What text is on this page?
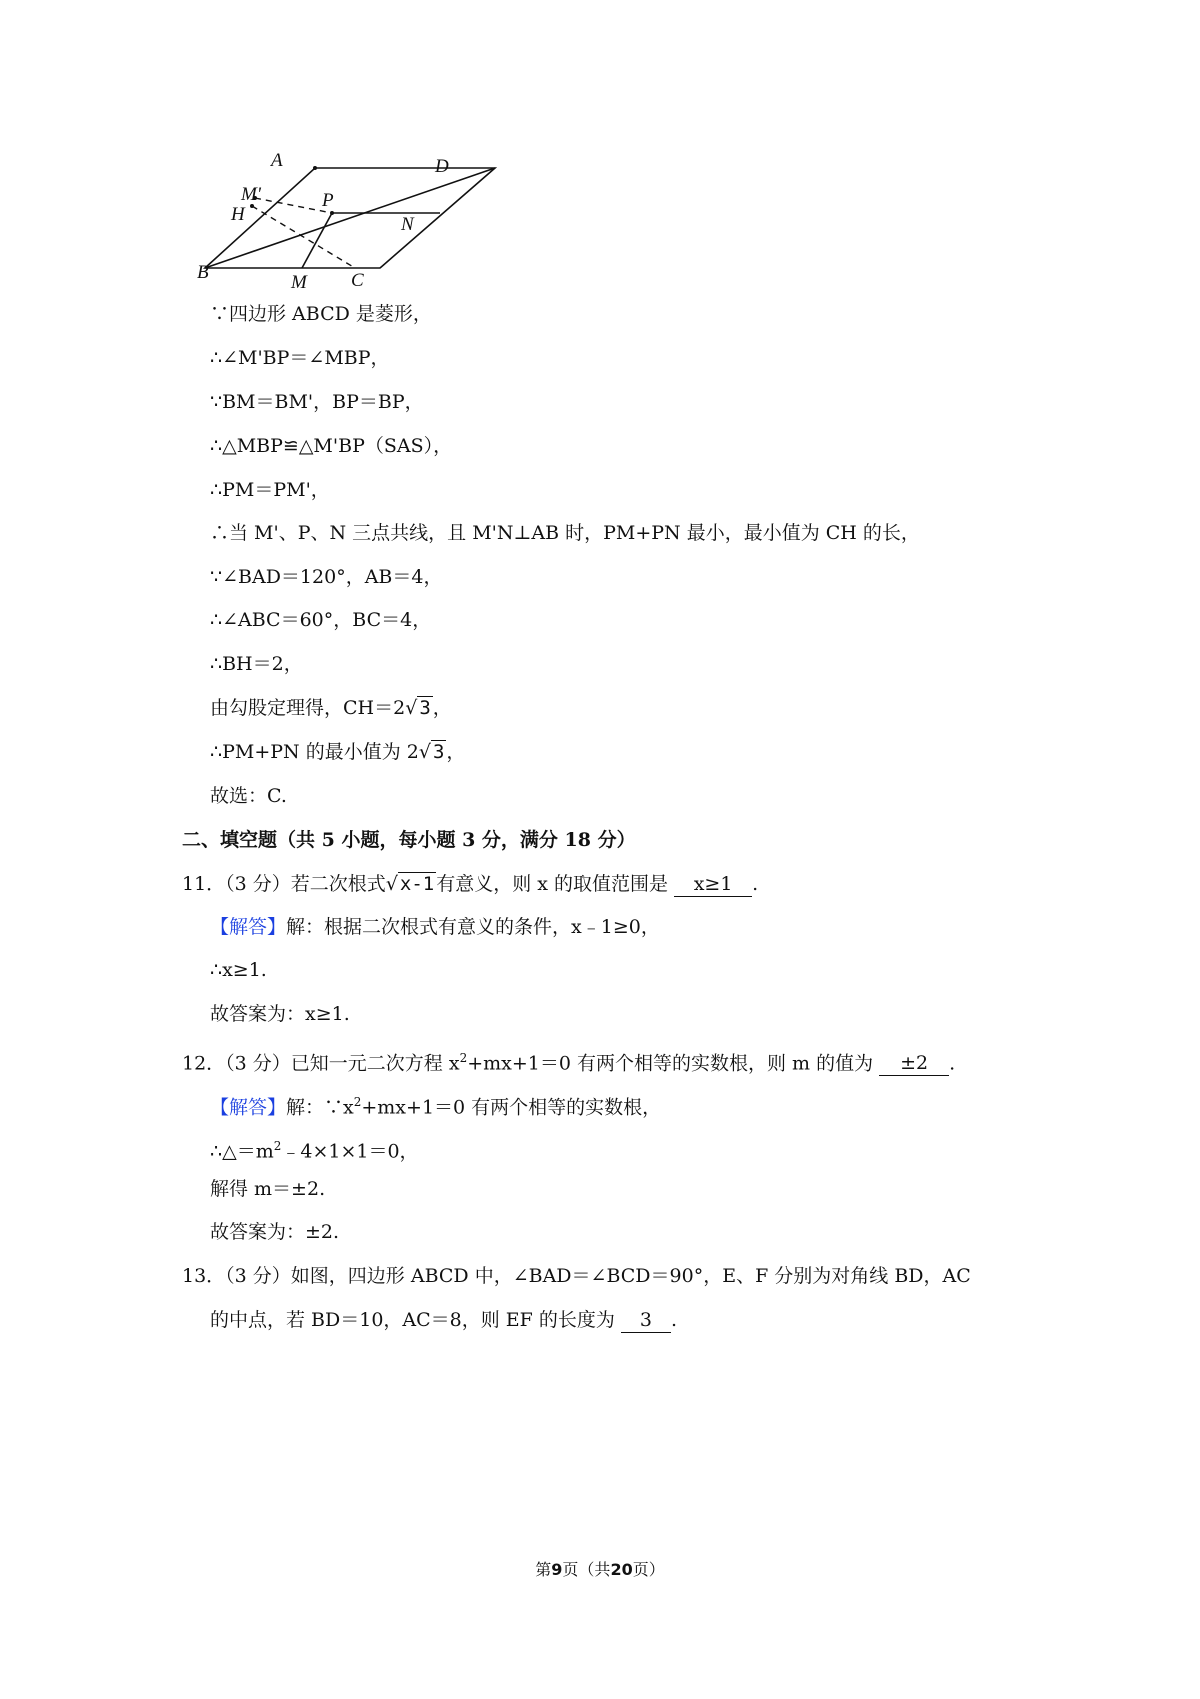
A	D
M'
H
P
N
B	M C
∵四边形 ABCD 是菱形，
∴∠M'BP＝∠MBP，
∵BM＝BM'，BP＝BP，
∴△MBP≌△M'BP（SAS），
∴PM＝PM'，
∴当 M'、P、N 三点共线，且 M'N⊥AB 时，PM+PN 最小，最小值为 CH 的长，
∵∠BAD＝120°，AB＝4，
∴∠ABC＝60°，BC＝4，
∴BH＝2，
由勾股定理得，CH＝2√ 3 ，
∴PM+PN 的最小值为 2√ 3 ，
故选：C.
二、填空题（共 5 小题，每小题 3 分，满分 18 分）
11．（3 分）若二次根式√ x-1 有意义，则 x 的取值范围是 x≥1 .
【解答】解：根据二次根式有意义的条件，x﹣1≥0，
∴x≥1.
故答案为：x≥1.
12．（3 分）已知一元二次方程 $x^2+mx+1=0$ 有两个相等的实数根，则 m 的值为 ±2 .
【解答】解：$\because x^2+mx+1=0$ 有两个相等的实数根，
$\therefore\triangle=m^2﹣4\times 1\times 1=0$，
解得 m＝±2.
故答案为：±2.
13．（3 分）如图，四边形 ABCD 中，∠BAD＝∠BCD＝90°，E、F 分别为对角线 BD，AC
的中点，若 BD＝10，AC＝8，则 EF 的长度为 3 .
第9页（共20页）
